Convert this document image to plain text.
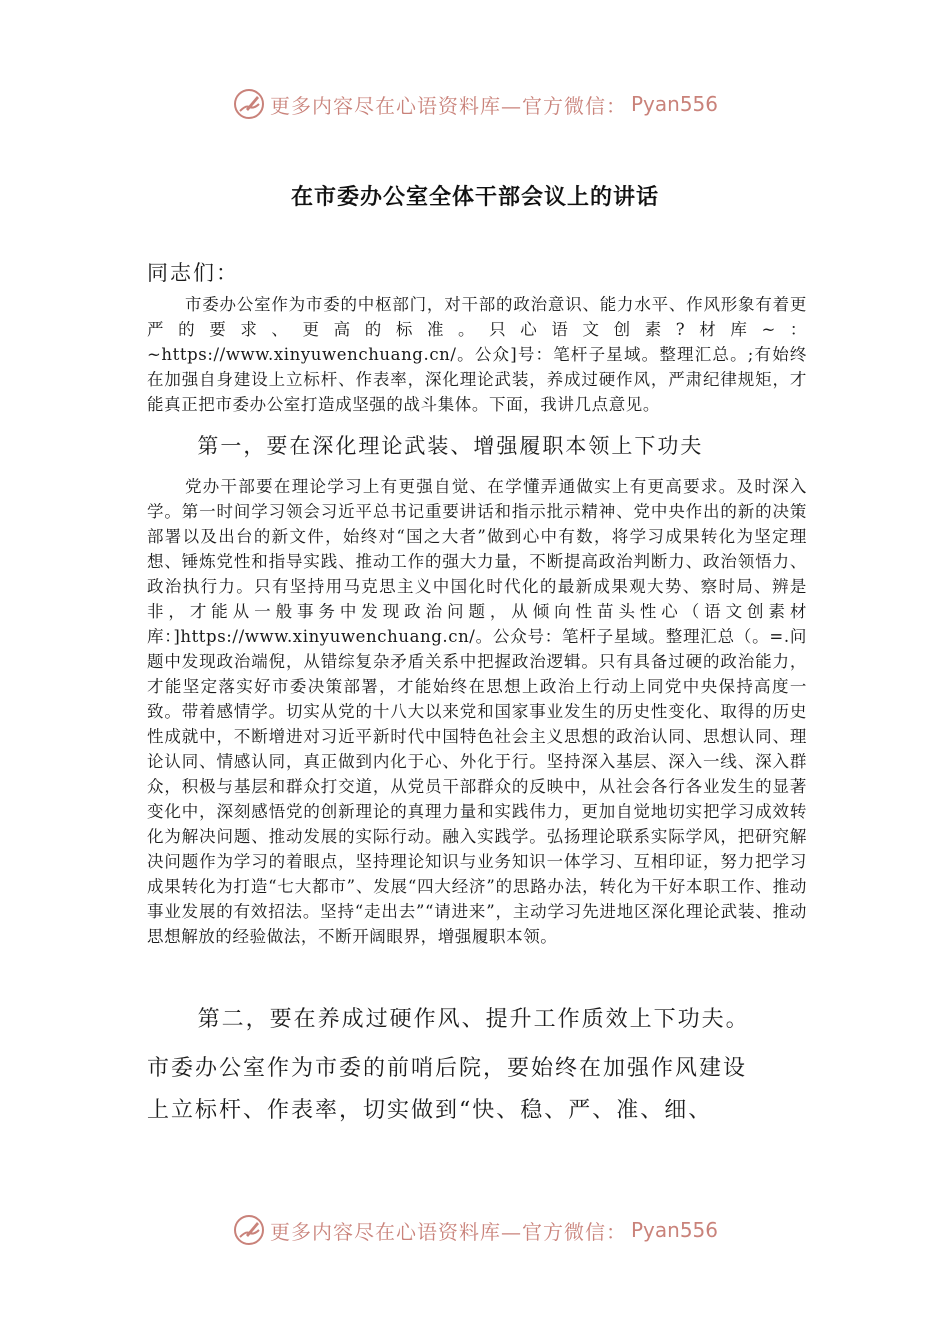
更多内容尽在心语资料库—官方微信： Pyan556
在市委办公室全体干部会议上的讲话
同志们：

市委办公室作为市委的中枢部门，对干部的政治意识、能力水平、作风形象有着更严的要求、更高的标准。只心语文创素?材库~：~https://www.xinyuwenchuang.cn/。公众]号：笔杆子星域。整理汇总。;有始终在加强自身建设上立标杆、作表率，深化理论武装，养成过硬作风，严肃纪律规矩，才能真正把市委办公室打造成坚强的战斗集体。下面，我讲几点意见。

第一，要在深化理论武装、增强履职本领上下功夫

党办干部要在理论学习上有更强自觉、在学懂弄通做实上有更高要求。及时深入学。第一时间学习领会习近平总书记重要讲话和指示批示精神、党中央作出的新的决策部署以及出台的新文件，始终对“国之大者”做到心中有数，将学习成果转化为坚定理想、锤炼党性和指导实践、推动工作的强大力量，不断提高政治判断力、政治领悟力、政治执行力。只有坚持用马克思主义中国化时代化的最新成果观大势、察时局、辨是非，才能从一般事务中发现政治问题，从倾向性苗头性心（语文创素材库：]https://www.xinyuwenchuang.cn/。公众号：笔杆子星域。整理汇总（。=.问题中发现政治端倪，从错综复杂矛盾关系中把握政治逻辑。只有具备过硬的政治能力，才能坚定落实好市委决策部署，才能始终在思想上政治上行动上同党中央保持高度一致。带着感情学。切实从党的十八大以来党和国家事业发生的历史性变化、取得的历史性成就中，不断增进对习近平新时代中国特色社会主义思想的政治认同、思想认同、理论认同、情感认同，真正做到内化于心、外化于行。坚持深入基层、深入一线、深入群众，积极与基层和群众打交道，从党员干部群众的反映中，从社会各行各业发生的显著变化中，深刻感悟党的创新理论的真理力量和实践伟力，更加自觉地切实把学习成效转化为解决问题、推动发展的实际行动。融入实践学。弘扬理论联系实际学风，把研究解决问题作为学习的着眼点，坚持理论知识与业务知识一体学习、互相印证，努力把学习成果转化为打造“七大都市”、发展“四大经济”的思路办法，转化为干好本职工作、推动事业发展的有效招法。坚持“走出去”“请进来”，主动学习先进地区深化理论武装、推动思想解放的经验做法，不断开阔眼界，增强履职本领。

第二，要在养成过硬作风、提升工作质效上下功夫。
市委办公室作为市委的前哨后院，要始终在加强作风建设
上立标杆、作表率，切实做到“快、稳、严、准、细、
更多内容尽在心语资料库—官方微信： Pyan556
